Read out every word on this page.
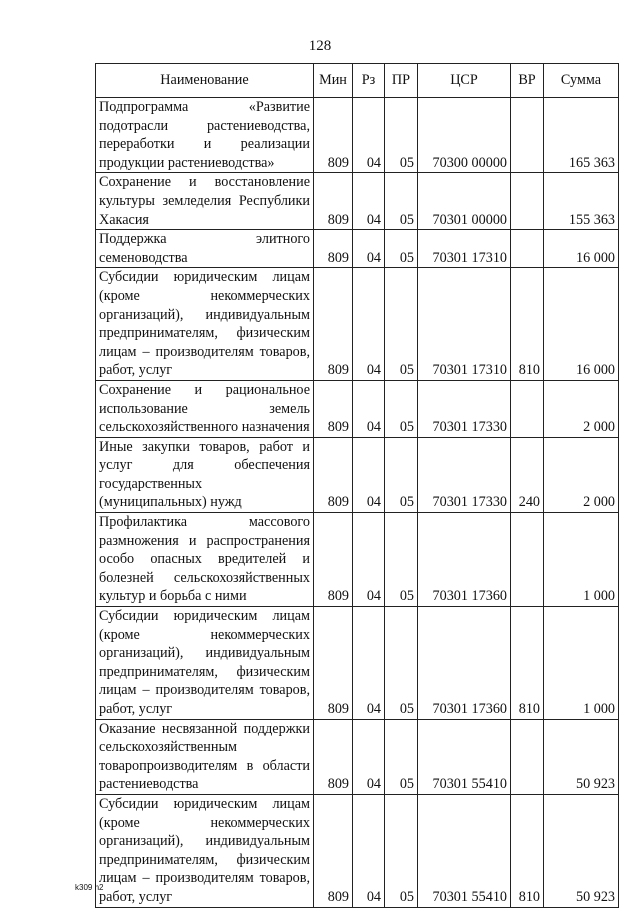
128
Наименование	Мин	Рз	ПР	ЦСР	ВР	Сумма
Подпрограмма «Развитие подотрасли растениеводства, переработки и реализации продукции растениеводства»	809	04	05	70300 00000		165 363
Сохранение и восстановление культуры земледелия Республики Хакасия	809	04	05	70301 00000		155 363
Поддержка элитного семеноводства	809	04	05	70301 17310		16 000
Субсидии юридическим лицам (кроме некоммерческих организаций), индивидуальным предпринимателям, физическим лицам – производителям товаров, работ, услуг	809	04	05	70301 17310	810	16 000
Сохранение и рациональное использование земель сельскохозяйственного назначения	809	04	05	70301 17330		2 000
Иные закупки товаров, работ и услуг для обеспечения государственных (муниципальных) нужд	809	04	05	70301 17330	240	2 000
Профилактика массового размножения и распространения особо опасных вредителей и болезней сельскохозяйственных культур и борьба с ними	809	04	05	70301 17360		1 000
Субсидии юридическим лицам (кроме некоммерческих организаций), индивидуальным предпринимателям, физическим лицам – производителям товаров, работ, услуг	809	04	05	70301 17360	810	1 000
Оказание несвязанной поддержки сельскохозяйственным товаропроизводителям в области растениеводства	809	04	05	70301 55410		50 923
Субсидии юридическим лицам (кроме некоммерческих организаций), индивидуальным предпринимателям, физическим лицам – производителям товаров, работ, услуг	809	04	05	70301 55410	810	50 923
k309 h2
